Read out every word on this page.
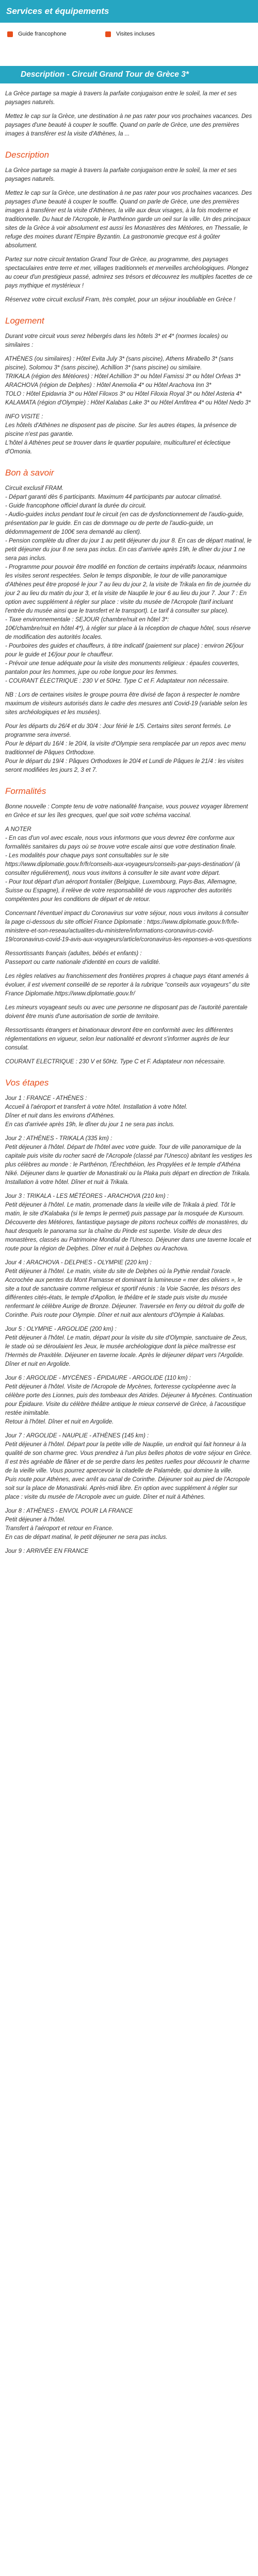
Services et équipements
Guide francophone	Visites incluses
Description - Circuit Grand Tour de Grèce 3*

La Grèce partage sa magie à travers la parfaite conjugaison entre le soleil, la mer et ses paysages naturels.

Mettez le cap sur la Grèce, une destination à ne pas rater pour vos prochaines vacances. Des paysages d'une beauté à couper le souffle. Quand on parle de Grèce, une des premières images à transférer est la visite d'Athènes, la ...

Description

La Grèce partage sa magie à travers la parfaite conjugaison entre le soleil, la mer et ses paysages naturels.

Mettez le cap sur la Grèce, une destination à ne pas rater pour vos prochaines vacances. Des paysages d'une beauté à couper le souffle. Quand on parle de Grèce, une des premières images à transférer est la visite d'Athènes, la ville aux deux visages, à la fois moderne et traditionnelle. Du haut de l'Acropole, le Parthénon garde un oeil sur la ville. Un des principaux sites de la Grèce à voir absolument est aussi les Monastères des Météores, en Thessalie, le refuge des moines durant l'Empire Byzantin. La gastronomie grecque est à goûter absolument.

Partez sur notre circuit tentation Grand Tour de Grèce, au programme, des paysages spectaculaires entre terre et mer, villages traditionnels et merveilles archéologiques. Plongez au coeur d'un prestigieux passé, admirez ses trésors et découvrez les multiples facettes de ce pays mythique et mystérieux !

Réservez votre circuit exclusif Fram, très complet, pour un séjour inoubliable en Grèce !

Logement

Durant votre circuit vous serez hébergés dans les hôtels 3* et 4* (normes locales) ou similaires :

ATHÈNES (ou similaires) : Hôtel Evita July 3* (sans piscine), Athens Mirabello 3* (sans piscine), Solomou 3* (sans piscine), Achillion 3* (sans piscine) ou similaire.
TRIKALA (région des Météores) : Hôtel Achillion 3* ou hôtel Famissi 3* ou hôtel Orfeas 3*
ARACHOVA (région de Delphes) : Hôtel Anemolia 4* ou Hôtel Arachova Inn 3*
TOLO : Hôtel Epidavria 3* ou Hôtel Filoxos 3* ou Hôtel Filoxia Royal 3* ou hôtel Asteria 4*
KALAMATA (région d'Olympie) : Hôtel Kalabas Lake 3* ou Hôtel Amfitrea 4* ou Hôtel Nedo 3*

INFO VISITE :
Les hôtels d'Athènes ne disposent pas de piscine. Sur les autres étapes, la présence de piscine n'est pas garantie.
L'hôtel à Athènes peut se trouver dans le quartier populaire, multiculturel et éclectique d'Omonia.

Bon à savoir

Circuit exclusif FRAM.
- Départ garanti dès 6 participants. Maximum 44 participants par autocar climatisé.
- Guide francophone officiel durant la durée du circuit.
- Audio-guides inclus pendant tout le circuit (en cas de dysfonctionnement de l'audio-guide, présentation par le guide. En cas de dommage ou de perte de l'audio-guide, un dédommagement de 100€ sera demandé au client).
- Pension complète du dîner du jour 1 au petit déjeuner du jour 8. En cas de départ matinal, le petit déjeuner du jour 8 ne sera pas inclus. En cas d'arrivée après 19h, le dîner du jour 1 ne sera pas inclus.
- Programme pour pouvoir être modifié en fonction de certains impératifs locaux, néanmoins les visites seront respectées. Selon le temps disponible, le tour de ville panoramique d'Athènes peut être proposé le jour 7 au lieu du jour 2, la visite de Trikala en fin de journée du jour 2 au lieu du matin du jour 3, et la visite de Nauplie le jour 6 au lieu du jour 7. Jour 7 : En option avec supplément à régler sur place : visite du musée de l'Acropole (tarif incluant l'entrée du musée ainsi que le transfert et le transport). Le tarif à consulter sur place).
- Taxe environnementale : SEJOUR (chambre/nuit en hôtel 3*:
10€/chambre/nuit en hôtel 4*), à régler sur place à la réception de chaque hôtel, sous réserve de modification des autorités locales.
- Pourboires des guides et chauffeurs, à titre indicatif (paiement sur place) : environ 2€/jour pour le guide et 1€/jour pour le chauffeur.
- Prévoir une tenue adéquate pour la visite des monuments religieux : épaules couvertes, pantalon pour les hommes, jupe ou robe longue pour les femmes.
- COURANT ÉLECTRIQUE : 230 V et 50Hz. Type C et F. Adaptateur non nécessaire.

NB : Lors de certaines visites le groupe pourra être divisé de façon à respecter le nombre maximum de visiteurs autorisés dans le cadre des mesures anti Covid-19 (variable selon les sites archéologiques et les musées).

Pour les départs du 26/4 et du 30/4 : Jour férié le 1/5. Certains sites seront fermés. Le programme sera inversé.
Pour le départ du 16/4 : le 20/4, la visite d'Olympie sera remplacée par un repos avec menu traditionnel de Pâques Orthodoxe.
Pour le départ du 19/4 : Pâques Orthodoxes le 20/4 et Lundi de Pâques le 21/4 : les visites seront modifiées les jours 2, 3 et 7.

Formalités

Bonne nouvelle : Compte tenu de votre nationalité française, vous pouvez voyager librement en Grèce et sur les îles grecques, quel que soit votre schéma vaccinal.

A NOTER
- En cas d'un vol avec escale, nous vous informons que vous devrez être conforme aux formalités sanitaires du pays où se trouve votre escale ainsi que votre destination finale.
- Les modalités pour chaque pays sont consultables sur le site https://www.diplomatie.gouv.fr/fr/conseils-aux-voyageurs/conseils-par-pays-destination/ (à consulter régulièrement), nous vous invitons à consulter le site avant votre départ.
- Pour tout départ d'un aéroport frontalier (Belgique, Luxembourg, Pays-Bas, Allemagne, Suisse ou Espagne), il relève de votre responsabilité de vous rapprocher des autorités compétentes pour les conditions de départ et de retour.

Concernant l'éventuel impact du Coronavirus sur votre séjour, nous vous invitons à consulter la page ci-dessous du site officiel France Diplomatie : https://www.diplomatie.gouv.fr/fr/le-ministere-et-son-reseau/actualites-du-ministere/informations-coronavirus-covid-19/coronavirus-covid-19-avis-aux-voyageurs/article/coronavirus-les-reponses-a-vos-questions

Ressortissants français (adultes, bébés et enfants) :
Passeport ou carte nationale d'identité en cours de validité.

Les règles relatives au franchissement des frontières propres à chaque pays étant amenés à évoluer, il est vivement conseillé de se reporter à la rubrique "conseils aux voyageurs" du site France Diplomatie.https://www.diplomatie.gouv.fr/

Les mineurs voyageant seuls ou avec une personne ne disposant pas de l'autorité parentale doivent être munis d'une autorisation de sortie de territoire.

Ressortissants étrangers et binationaux devront être en conformité avec les différentes réglementations en vigueur, selon leur nationalité et devront s'informer auprès de leur consulat.

COURANT ELECTRIQUE : 230 V et 50Hz. Type C et F. Adaptateur non nécessaire.

Vos étapes

Jour 1 : FRANCE - ATHÈNES :
Accueil à l'aéroport et transfert à votre hôtel. Installation à votre hôtel.
Dîner et nuit dans les environs d'Athènes.
En cas d'arrivée après 19h, le dîner du jour 1 ne sera pas inclus.

Jour 2 : ATHÈNES - TRIKALA (335 km) :
Petit déjeuner à l'hôtel. Départ de l'hôtel avec votre guide. Tour de ville panoramique de la capitale puis visite du rocher sacré de l'Acropole (classé par l'Unesco) abritant les vestiges les plus célèbres au monde : le Parthénon, l'Érechthéion, les Propylées et le temple d'Athéna Niké. Déjeuner dans le quartier de Monastiraki ou la Plaka puis départ en direction de Trikala. Installation à votre hôtel. Dîner et nuit à Trikala.

Jour 3 : TRIKALA - LES MÉTÉORES - ARACHOVA (210 km) :
Petit déjeuner à l'hôtel. Le matin, promenade dans la vieille ville de Trikala à pied. Tôt le matin, le site d'Kalabaka (si le temps le permet) puis passage par la mosquée de Kursoum. Découverte des Météores, fantastique paysage de pitons rocheux coiffés de monastères, du haut desquels le panorama sur la chaîne du Pinde est superbe. Visite de deux des monastères, classés au Patrimoine Mondial de l'Unesco. Déjeuner dans une taverne locale et route pour la région de Delphes. Dîner et nuit à Delphes ou Arachova.

Jour 4 : ARACHOVA - DELPHES - OLYMPIE (220 km) :
Petit déjeuner à l'hôtel. Le matin, visite du site de Delphes où la Pythie rendait l'oracle. Accrochée aux pentes du Mont Parnasse et dominant la lumineuse « mer des oliviers », le site a tout de sanctuaire comme religieux et sportif réunis : la Voie Sacrée, les trésors des différentes cités-états, le temple d'Apollon, le théâtre et le stade puis visite du musée renfermant le célèbre Aurige de Bronze. Déjeuner. Traversée en ferry ou détroit du golfe de Corinthe. Puis route pour Olympie. Dîner et nuit aux alentours d'Olympie à Kalabas.

Jour 5 : OLYMPIE - ARGOLIDE (200 km) :
Petit déjeuner à l'hôtel. Le matin, départ pour la visite du site d'Olympie, sanctuaire de Zeus, le stade où se déroulaient les Jeux, le musée archéologique dont la pièce maîtresse est l'Hermès de Praxitèle. Déjeuner en taverne locale. Après le déjeuner départ vers l'Argolide. Dîner et nuit en Argolide.

Jour 6 : ARGOLIDE - MYCÈNES - ÉPIDAURE - ARGOLIDE (110 km) :
Petit déjeuner à l'hôtel. Visite de l'Acropole de Mycènes, forteresse cyclopéenne avec la célèbre porte des Lionnes, puis des tombeaux des Atrides. Déjeuner à Mycènes. Continuation pour Épidaure. Visite du célèbre théâtre antique le mieux conservé de Grèce, à l'acoustique restée inimitable.
Retour à l'hôtel. Dîner et nuit en Argolide.

Jour 7 : ARGOLIDE - NAUPLIE - ATHÈNES (145 km) :
Petit déjeuner à l'hôtel. Départ pour la petite ville de Nauplie, un endroit qui fait honneur à la qualité de son charme grec. Vous prendrez à l'un plus belles photos de votre séjour en Grèce. Il est très agréable de flâner et de se perdre dans les petites ruelles pour découvrir le charme de la vieille ville. Vous pourrez apercevoir la citadelle de Palamède, qui domine la ville.
Puis route pour Athènes, avec arrêt au canal de Corinthe. Déjeuner soit au pied de l'Acropole soit sur la place de Monastiraki. Après-midi libre. En option avec supplément à régler sur place : visite du musée de l'Acropole avec un guide. Dîner et nuit à Athènes.

Jour 8 : ATHÈNES - ENVOL POUR LA FRANCE
Petit déjeuner à l'hôtel.
Transfert à l'aéroport et retour en France.
En cas de départ matinal, le petit déjeuner ne sera pas inclus.

Jour 9 : ARRIVÉE EN FRANCE
